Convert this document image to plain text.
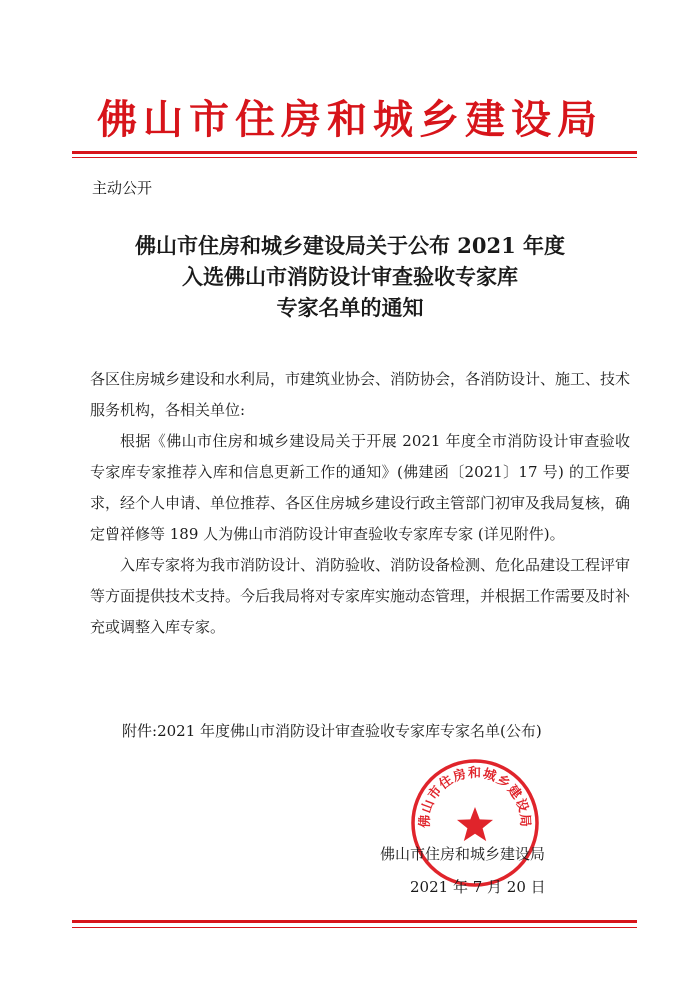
佛山市住房和城乡建设局
主动公开
佛山市住房和城乡建设局关于公布 2021 年度
入选佛山市消防设计审查验收专家库
专家名单的通知

各区住房城乡建设和水利局，市建筑业协会、消防协会，各消防设计、施工、技术服务机构，各相关单位:

根据《佛山市住房和城乡建设局关于开展 2021 年度全市消防设计审查验收专家库专家推荐入库和信息更新工作的通知》(佛建函〔2021〕17 号) 的工作要求，经个人申请、单位推荐、各区住房城乡建设行政主管部门初审及我局复核，确定曾祥修等 189 人为佛山市消防设计审查验收专家库专家 (详见附件)。

入库专家将为我市消防设计、消防验收、消防设备检测、危化品建设工程评审等方面提供技术支持。今后我局将对专家库实施动态管理，并根据工作需要及时补充或调整入库专家。

附件: 2021 年度佛山市消防设计审查验收专家库专家名单(公布)
佛山市住房和城乡建设局
佛山市住房和城乡建设局
2021 年 7 月 20 日
